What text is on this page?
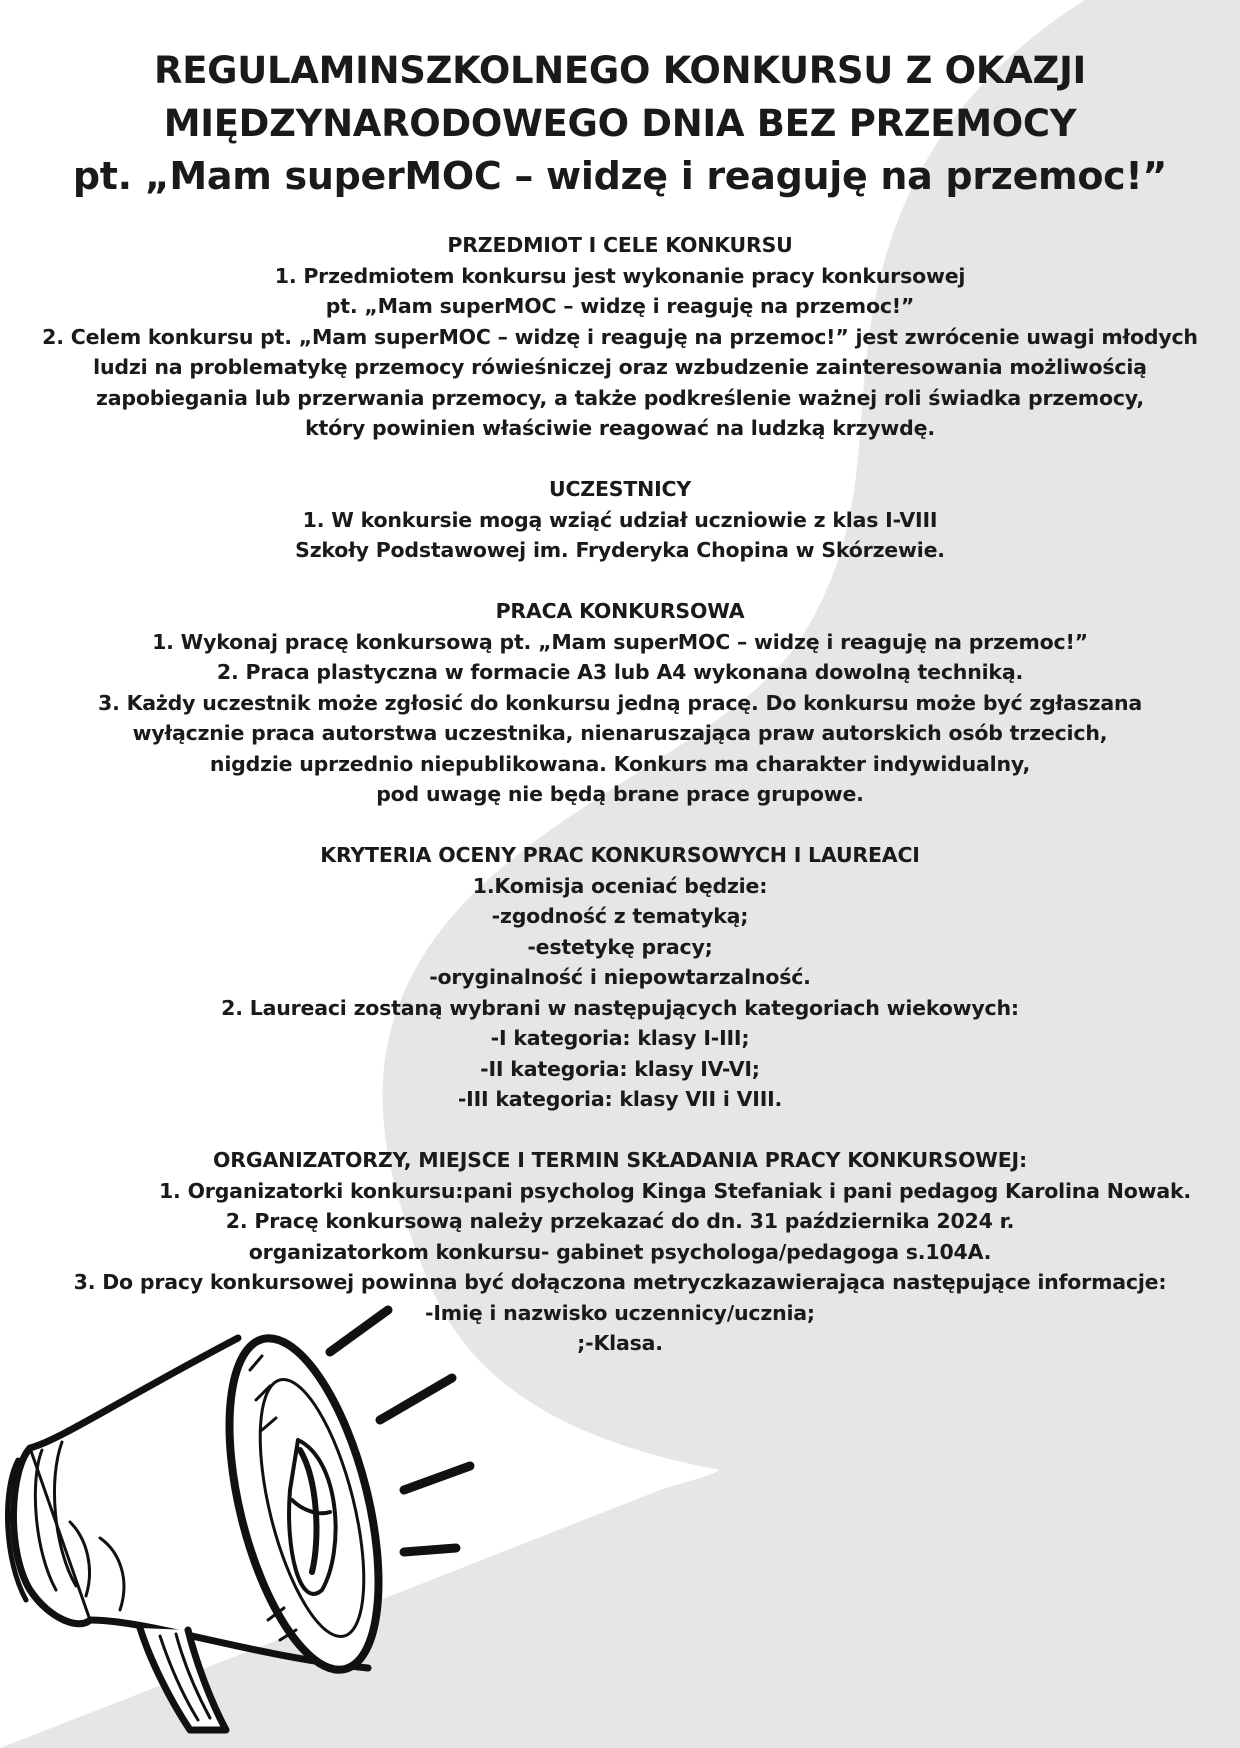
REGULAMINSZKOLNEGO KONKURSU Z OKAZJI
MIĘDZYNARODOWEGO DNIA BEZ PRZEMOCY
pt. „Mam superMOC – widzę i reaguję na przemoc!”
PRZEDMIOT I CELE KONKURSU
1. Przedmiotem konkursu jest wykonanie pracy konkursowej
pt. „Mam superMOC – widzę i reaguję na przemoc!”
2. Celem konkursu pt. „Mam superMOC – widzę i reaguję na przemoc!” jest zwrócenie uwagi młodych
ludzi na problematykę przemocy rówieśniczej oraz wzbudzenie zainteresowania możliwością
zapobiegania lub przerwania przemocy, a także podkreślenie ważnej roli świadka przemocy,
który powinien właściwie reagować na ludzką krzywdę.
UCZESTNICY
1. W konkursie mogą wziąć udział uczniowie z klas I-VIII
Szkoły Podstawowej im. Fryderyka Chopina w Skórzewie.
PRACA KONKURSOWA
1. Wykonaj pracę konkursową pt. „Mam superMOC – widzę i reaguję na przemoc!”
2. Praca plastyczna w formacie A3 lub A4 wykonana dowolną techniką.
3. Każdy uczestnik może zgłosić do konkursu jedną pracę. Do konkursu może być zgłaszana
wyłącznie praca autorstwa uczestnika, nienaruszająca praw autorskich osób trzecich,
nigdzie uprzednio niepublikowana. Konkurs ma charakter indywidualny,
pod uwagę nie będą brane prace grupowe.
KRYTERIA OCENY PRAC KONKURSOWYCH I LAUREACI
1.Komisja oceniać będzie:
-zgodność z tematyką;
-estetykę pracy;
-oryginalność i niepowtarzalność.
2. Laureaci zostaną wybrani w następujących kategoriach wiekowych:
-I kategoria: klasy I-III;
-II kategoria: klasy IV-VI;
-III kategoria: klasy VII i VIII.
ORGANIZATORZY, MIEJSCE I TERMIN SKŁADANIA PRACY KONKURSOWEJ:
1. Organizatorki konkursu:pani psycholog Kinga Stefaniak i pani pedagog Karolina Nowak.
2. Pracę konkursową należy przekazać do dn. 31 października 2024 r.
organizatorkom konkursu- gabinet psychologa/pedagoga s.104A.
3. Do pracy konkursowej powinna być dołączona metryczkazawierająca następujące informacje:
-Imię i nazwisko uczennicy/ucznia;
;-Klasa.
